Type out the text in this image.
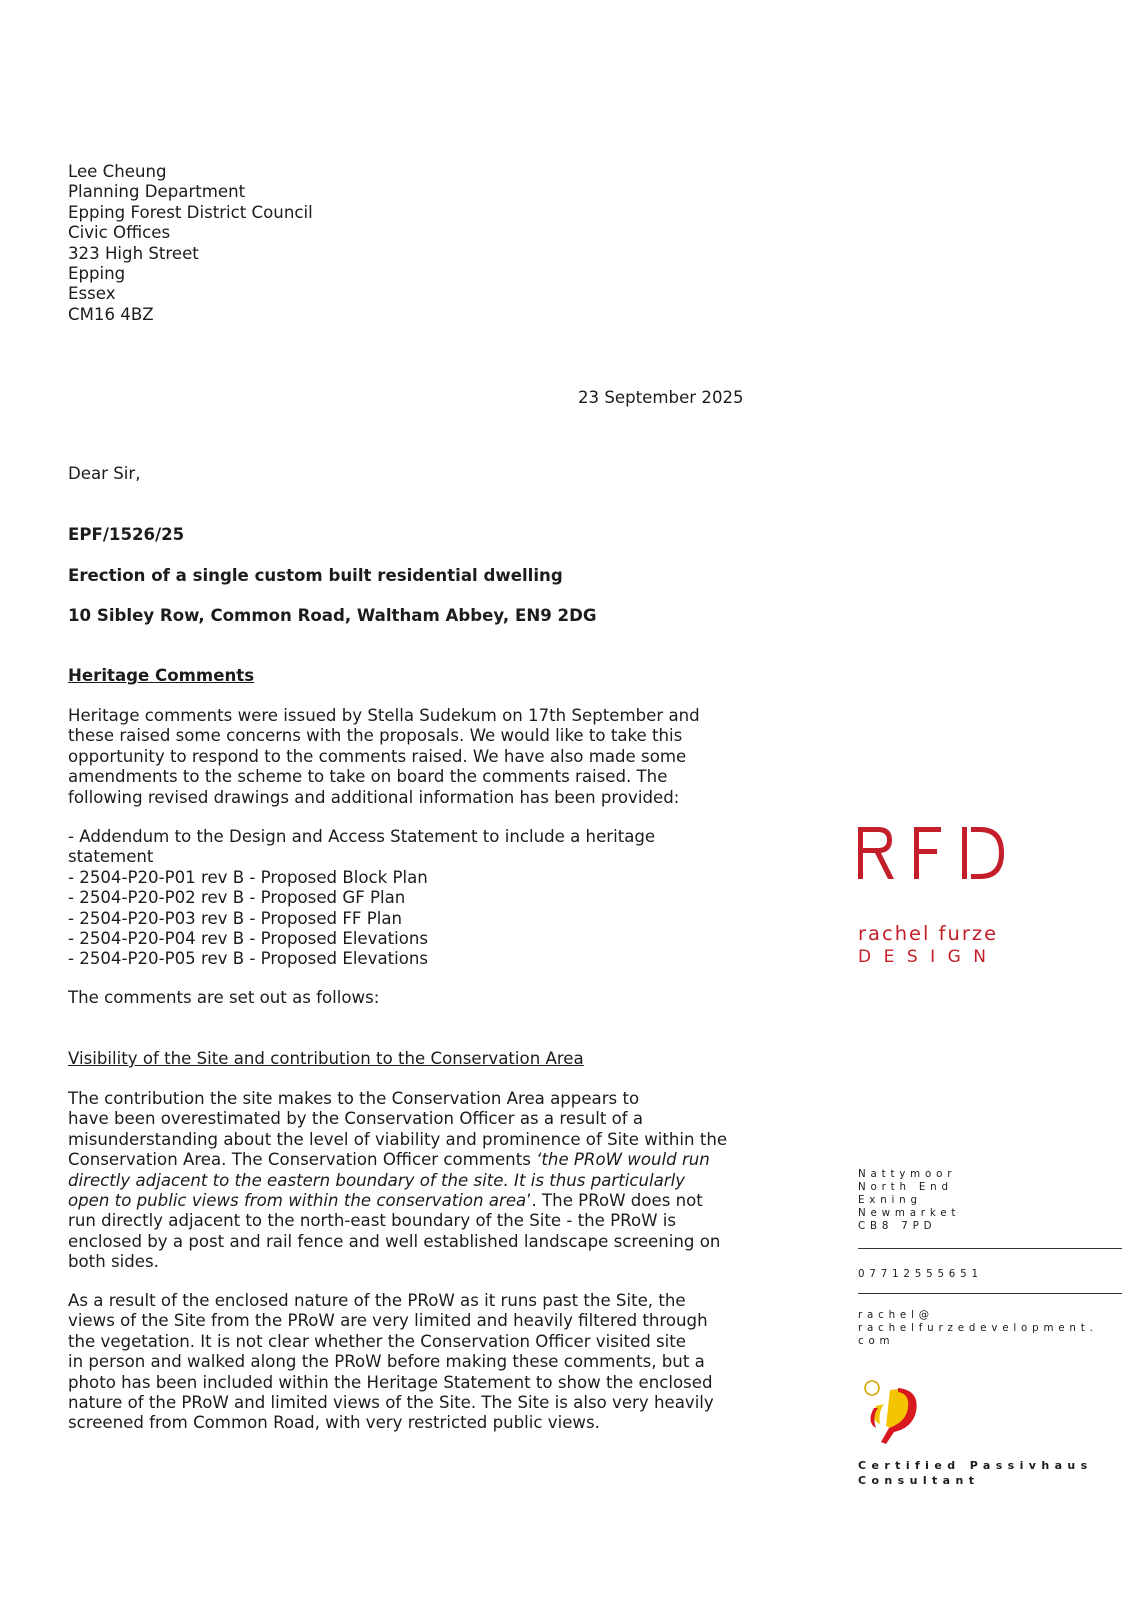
Lee Cheung
Planning Department
Epping Forest District Council
Civic Offices
323 High Street
Epping
Essex
CM16 4BZ
Dear Sir,
EPF/1526/25
Erection of a single custom built residential dwelling
10 Sibley Row, Common Road, Waltham Abbey, EN9 2DG
Heritage Comments
Heritage comments were issued by Stella Sudekum on 17th September and
these raised some concerns with the proposals. We would like to take this
opportunity to respond to the comments raised. We have also made some
amendments to the scheme to take on board the comments raised. The
following revised drawings and additional information has been provided:
- Addendum to the Design and Access Statement to include a heritage
statement
- 2504-P20-P01 rev B - Proposed Block Plan
- 2504-P20-P02 rev B - Proposed GF Plan
- 2504-P20-P03 rev B - Proposed FF Plan
- 2504-P20-P04 rev B - Proposed Elevations
- 2504-P20-P05 rev B - Proposed Elevations
The comments are set out as follows:
Visibility of the Site and contribution to the Conservation Area
The contribution the site makes to the Conservation Area appears to
have been overestimated by the Conservation Officer as a result of a
misunderstanding about the level of viability and prominence of Site within the
Conservation Area. The Conservation Officer comments ‘the PRoW would run
directly adjacent to the eastern boundary of the site. It is thus particularly
open to public views from within the conservation area’. The PRoW does not
run directly adjacent to the north-east boundary of the Site - the PRoW is
enclosed by a post and rail fence and well established landscape screening on
both sides.
As a result of the enclosed nature of the PRoW as it runs past the Site, the
views of the Site from the PRoW are very limited and heavily filtered through
the vegetation. It is not clear whether the Conservation Officer visited site
in person and walked along the PRoW before making these comments, but a
photo has been included within the Heritage Statement to show the enclosed
nature of the PRoW and limited views of the Site. The Site is also very heavily
screened from Common Road, with very restricted public views.
23 September 2025
rachel furze
DESIGN
Nattymoor
North End
Exning
Newmarket
CB8 7PD
07712555651
rachel@
rachelfurzedevelopment.
com
Certified Passivhaus
Consultant
